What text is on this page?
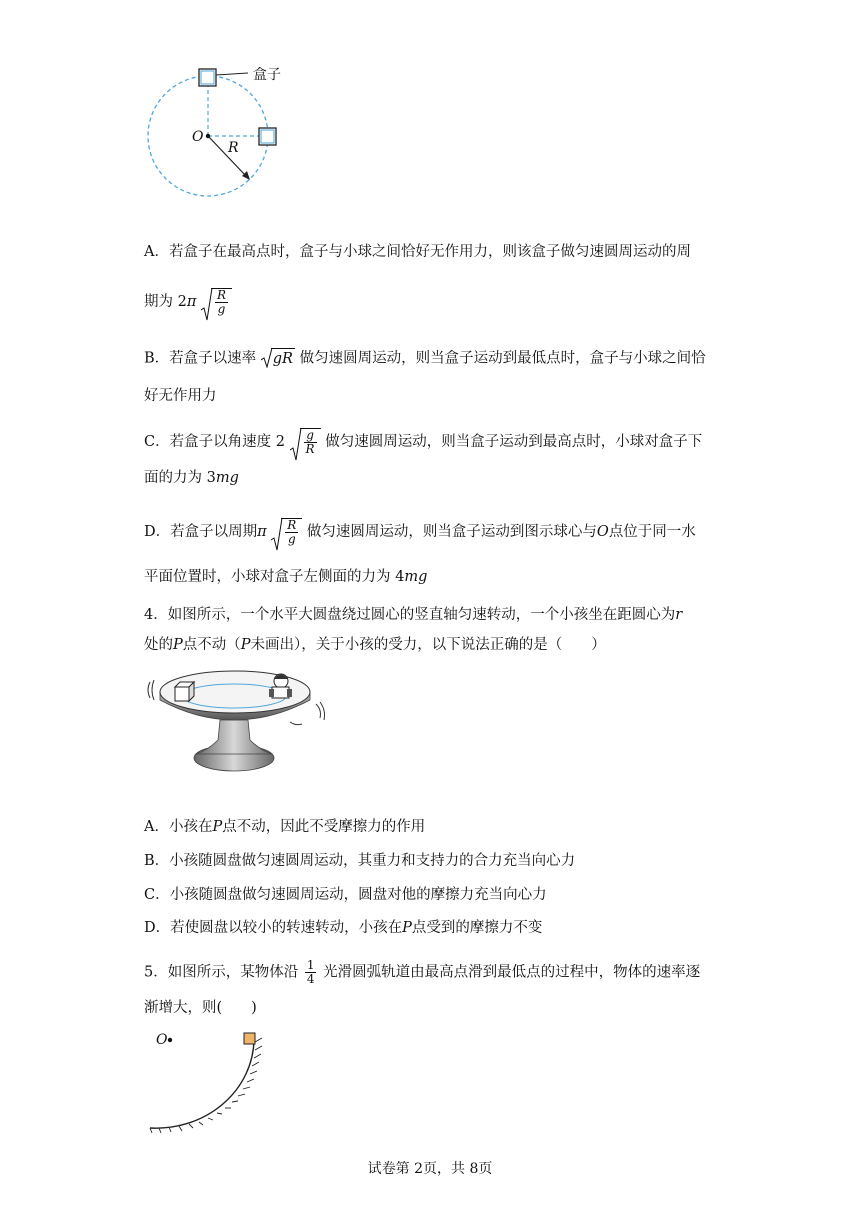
盒子
O
R
A．若盒子在最高点时，盒子与小球之间恰好无作用力，则该盒子做匀速圆周运动的周
期为 $2\pi \frac{R}{g}$
B．若盒子以速率 gR 做匀速圆周运动，则当盒子运动到最低点时，盒子与小球之间恰
好无作用力
C．若盒子以角速度 $2 \frac{g}{R}$ 做匀速圆周运动，则当盒子运动到最高点时，小球对盒子下
面的力为 3mg
D．若盒子以周期π $\frac{R}{g}$ 做匀速圆周运动，则当盒子运动到图示球心与O点位于同一水
平面位置时，小球对盒子左侧面的力为 4mg
4．如图所示，一个水平大圆盘绕过圆心的竖直轴匀速转动，一个小孩坐在距圆心为r
处的P点不动（P未画出），关于小孩的受力，以下说法正确的是（　　）
A．小孩在P点不动，因此不受摩擦力的作用
B．小孩随圆盘做匀速圆周运动，其重力和支持力的合力充当向心力
C．小孩随圆盘做匀速圆周运动，圆盘对他的摩擦力充当向心力
D．若使圆盘以较小的转速转动，小孩在P点受到的摩擦力不变
5．如图所示，某物体沿 $\frac{1}{4}$ 光滑圆弧轨道由最高点滑到最低点的过程中，物体的速率逐
渐增大，则(　　)
O
试卷第 2页，共 8页
